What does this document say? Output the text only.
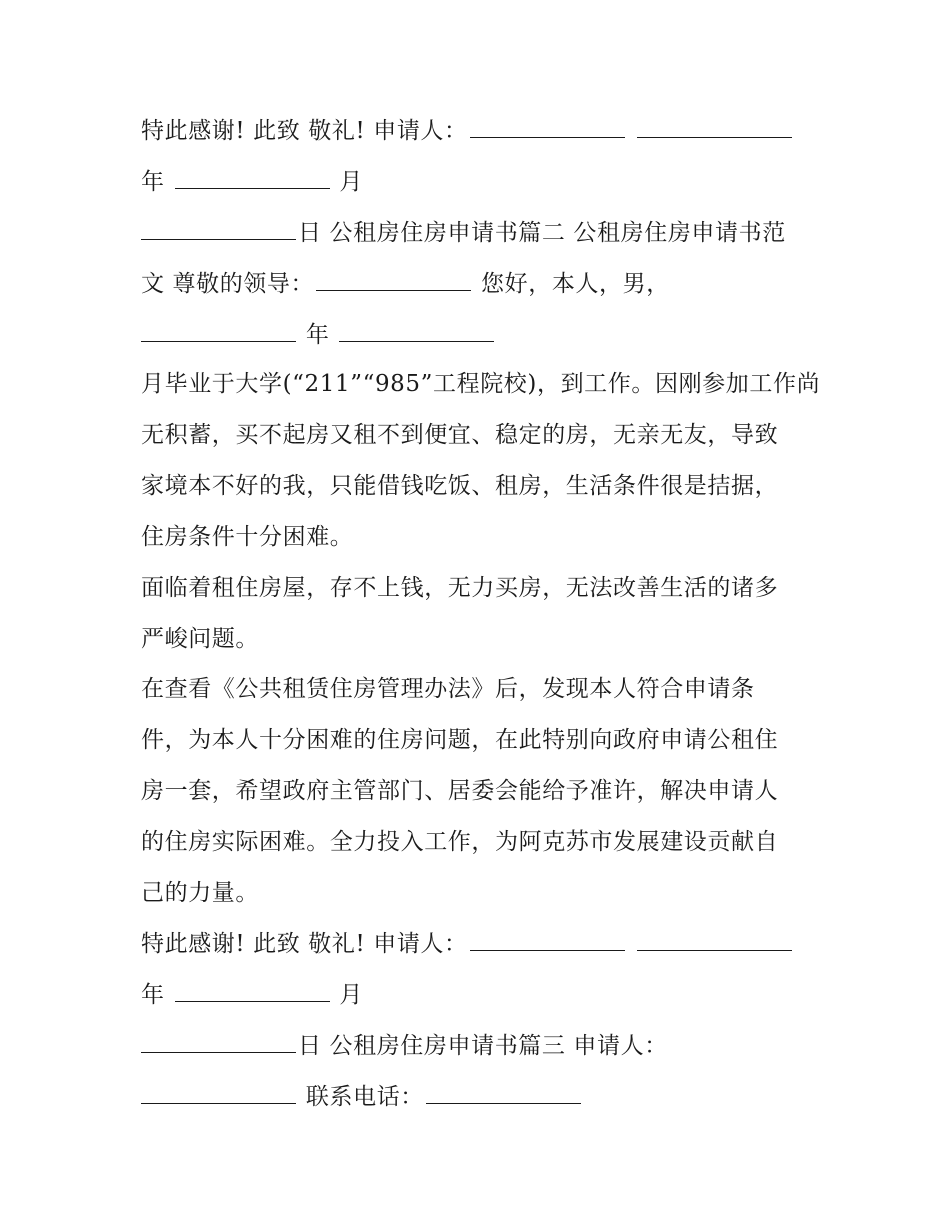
特此感谢! 此致 敬礼! 申请人：
年	月
日 公租房住房申请书篇二 公租房住房申请书范
文 尊敬的领导：	您好，本人，男，
年
月毕业于大学(“211”“985”工程院校)，到工作。因刚参加工作尚
无积蓄，买不起房又租不到便宜、稳定的房，无亲无友，导致
家境本不好的我，只能借钱吃饭、租房，生活条件很是拮据，
住房条件十分困难。
面临着租住房屋，存不上钱，无力买房，无法改善生活的诸多
严峻问题。
在查看《公共租赁住房管理办法》后，发现本人符合申请条
件，为本人十分困难的住房问题，在此特别向政府申请公租住
房一套，希望政府主管部门、居委会能给予准许，解决申请人
的住房实际困难。全力投入工作，为阿克苏市发展建设贡献自
己的力量。
特此感谢! 此致 敬礼! 申请人：
年	月
日 公租房住房申请书篇三 申请人：
联系电话：
